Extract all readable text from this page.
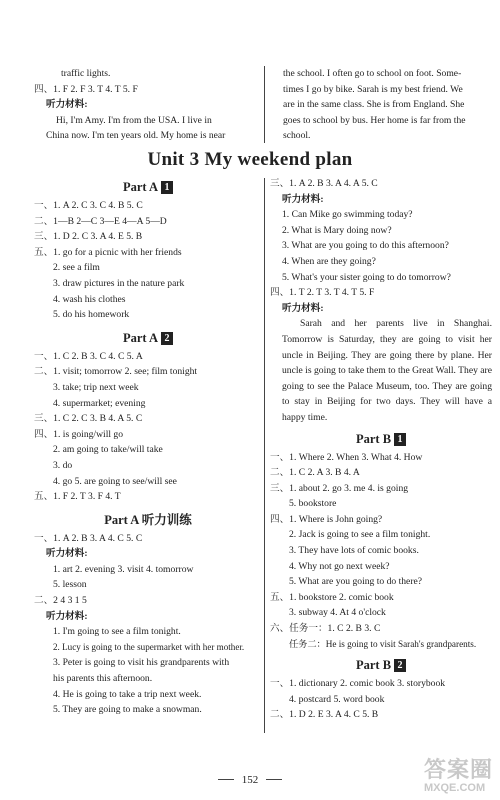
traffic lights.
四、1. F 2. F 3. T 4. T 5. F
听力材料:
Hi, I'm Amy. I'm from the USA. I live in
China now. I'm ten years old. My home is near
the school. I often go to school on foot. Some-
times I go by bike. Sarah is my best friend. We
are in the same class. She is from England. She
goes to school by bus. Her home is far from the
school.
Unit 3 My weekend plan
Part A 1
一、1. A 2. C 3. C 4. B 5. C
二、1—B 2—C 3—E 4—A 5—D
三、1. D 2. C 3. A 4. E 5. B
五、1. go for a picnic with her friends
2. see a film
3. draw pictures in the nature park
4. wash his clothes
5. do his homework
Part A 2
一、1. C 2. B 3. C 4. C 5. A
二、1. visit; tomorrow 2. see; film tonight
3. take; trip next week
4. supermarket; evening
三、1. C 2. C 3. B 4. A 5. C
四、1. is going/will go
2. am going to take/will take
3. do
4. go 5. are going to see/will see
五、1. F 2. T 3. F 4. T
Part A 听力训练
一、1. A 2. B 3. A 4. C 5. C
听力材料:
1. art 2. evening 3. visit 4. tomorrow
5. lesson
二、2 4 3 1 5
听力材料:
1. I'm going to see a film tonight.
2. Lucy is going to the supermarket with her mother.
3. Peter is going to visit his grandparents with
his parents this afternoon.
4. He is going to take a trip next week.
5. They are going to make a snowman.
三、1. A 2. B 3. A 4. A 5. C
听力材料:
1. Can Mike go swimming today?
2. What is Mary doing now?
3. What are you going to do this afternoon?
4. When are they going?
5. What's your sister going to do tomorrow?
四、1. T 2. T 3. T 4. T 5. F
听力材料:
Sarah and her parents live in Shanghai. Tomorrow is Saturday, they are going to visit her uncle in Beijing. They are going there by plane. Her uncle is going to take them to the Great Wall. They are going to see the Palace Museum, too. They are going to stay in Beijing for two days. They will have a happy time.
Part B 1
一、1. Where 2. When 3. What 4. How
二、1. C 2. A 3. B 4. A
三、1. about 2. go 3. me 4. is going
5. bookstore
四、1. Where is John going?
2. Jack is going to see a film tonight.
3. They have lots of comic books.
4. Why not go next week?
5. What are you going to do there?
五、1. bookstore 2. comic book
3. subway 4. At 4 o'clock
六、任务一：1. C 2. B 3. C
任务二：He is going to visit Sarah's grandparents.
Part B 2
一、1. dictionary 2. comic book 3. storybook
4. postcard 5. word book
二、1. D 2. E 3. A 4. C 5. B
152	答案圈
MXQE.COM
